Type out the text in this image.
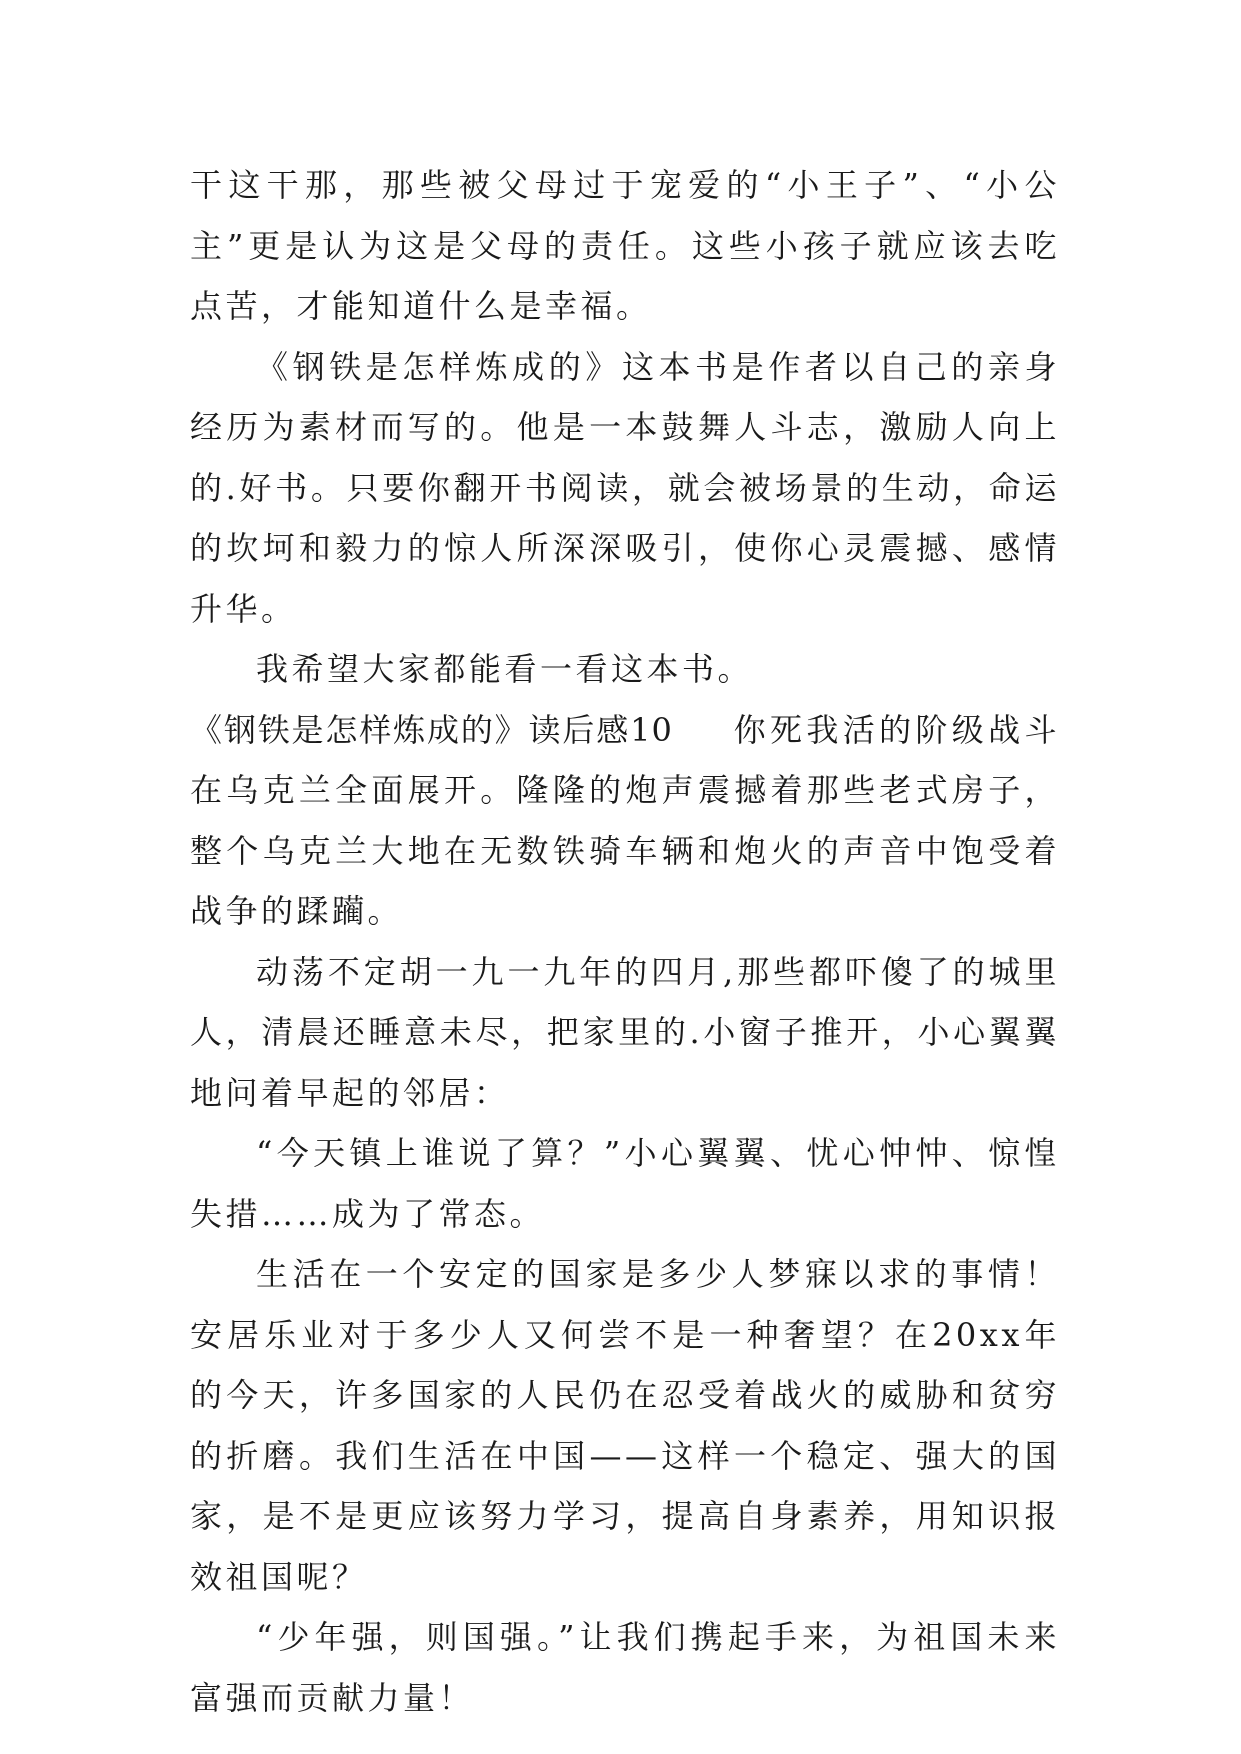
干这干那，那些被父母过于宠爱的“小王子”、“小公主”更是认为这是父母的责任。这些小孩子就应该去吃点苦，才能知道什么是幸福。

《钢铁是怎样炼成的》这本书是作者以自己的亲身经历为素材而写的。他是一本鼓舞人斗志，激励人向上的.好书。只要你翻开书阅读，就会被场景的生动，命运的坎坷和毅力的惊人所深深吸引，使你心灵震撼、感情升华。

我希望大家都能看一看这本书。

《钢铁是怎样炼成的》读后感10 你死我活的阶级战斗在乌克兰全面展开。隆隆的炮声震撼着那些老式房子，整个乌克兰大地在无数铁骑车辆和炮火的声音中饱受着战争的蹂躏。

动荡不定胡一九一九年的四月,那些都吓傻了的城里人，清晨还睡意未尽，把家里的.小窗子推开，小心翼翼地问着早起的邻居：

“今天镇上谁说了算？”小心翼翼、忧心忡忡、惊惶失措……成为了常态。

生活在一个安定的国家是多少人梦寐以求的事情！安居乐业对于多少人又何尝不是一种奢望？在20xx年的今天，许多国家的人民仍在忍受着战火的威胁和贫穷的折磨。我们生活在中国——这样一个稳定、强大的国家，是不是更应该努力学习，提高自身素养，用知识报效祖国呢？

“少年强，则国强。”让我们携起手来，为祖国未来富强而贡献力量！
